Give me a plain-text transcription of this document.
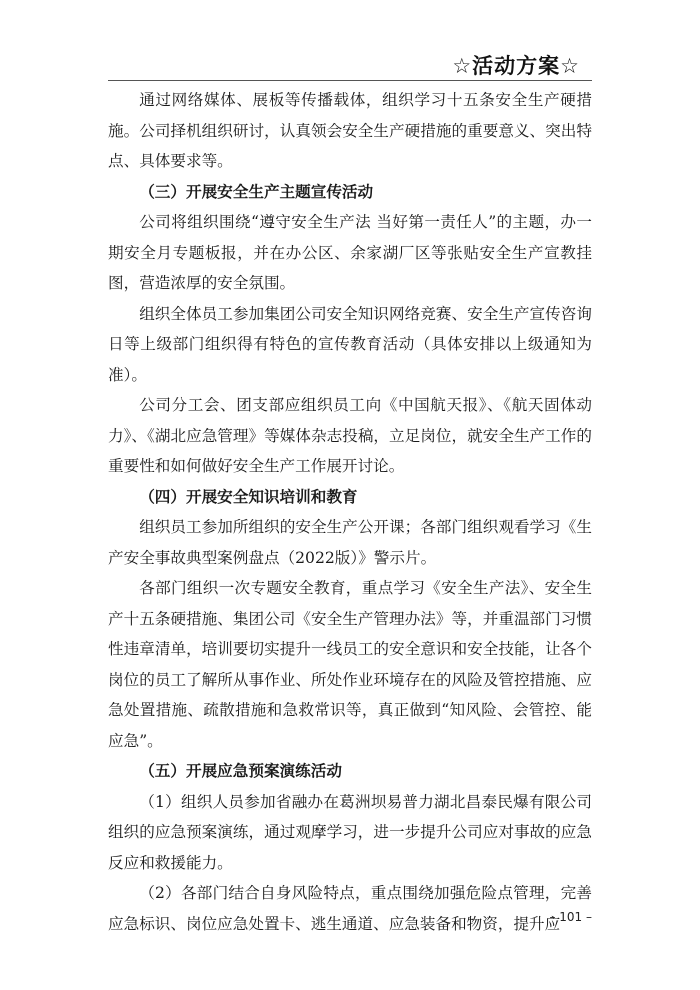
☆活动方案☆

通过网络媒体、展板等传播载体，组织学习十五条安全生产硬措施。公司择机组织研讨，认真领会安全生产硬措施的重要意义、突出特点、具体要求等。

（三）开展安全生产主题宣传活动

公司将组织围绕“遵守安全生产法 当好第一责任人”的主题，办一期安全月专题板报，并在办公区、余家湖厂区等张贴安全生产宣教挂图，营造浓厚的安全氛围。

组织全体员工参加集团公司安全知识网络竞赛、安全生产宣传咨询日等上级部门组织得有特色的宣传教育活动（具体安排以上级通知为准）。

公司分工会、团支部应组织员工向《中国航天报》、《航天固体动力》、《湖北应急管理》等媒体杂志投稿，立足岗位，就安全生产工作的重要性和如何做好安全生产工作展开讨论。

（四）开展安全知识培训和教育

组织员工参加所组织的安全生产公开课；各部门组织观看学习《生产安全事故典型案例盘点（2022版）》警示片。

各部门组织一次专题安全教育，重点学习《安全生产法》、安全生产十五条硬措施、集团公司《安全生产管理办法》等，并重温部门习惯性违章清单，培训要切实提升一线员工的安全意识和安全技能，让各个岗位的员工了解所从事作业、所处作业环境存在的风险及管控措施、应急处置措施、疏散措施和急救常识等，真正做到“知风险、会管控、能应急”。

（五）开展应急预案演练活动

（1）组织人员参加省融办在葛洲坝易普力湖北昌泰民爆有限公司组织的应急预案演练，通过观摩学习，进一步提升公司应对事故的应急反应和救援能力。

（2）各部门结合自身风险特点，重点围绕加强危险点管理，完善应急标识、岗位应急处置卡、逃生通道、应急装备和物资，提升应

– 101 –
